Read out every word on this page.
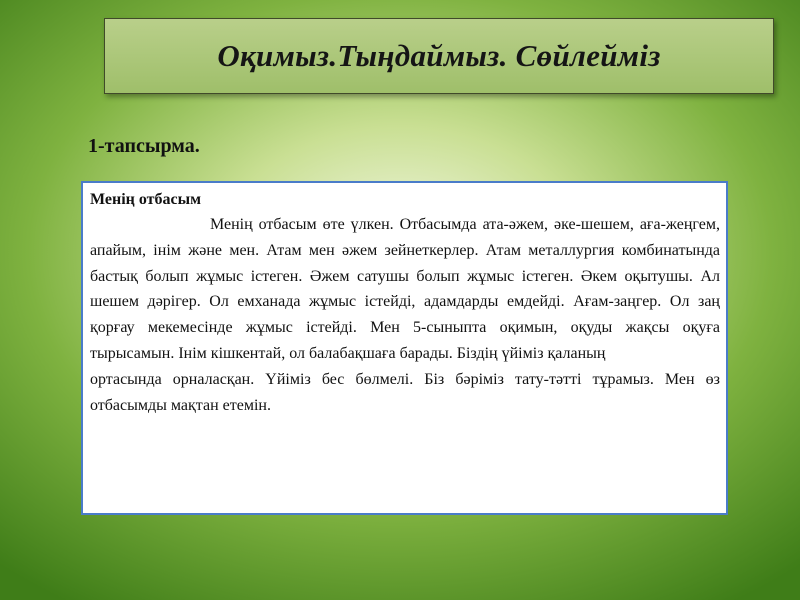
Оқимыз.Тыңдаймыз. Сөйлейміз
1-тапсырма.
Менің отбасым

Менің отбасым өте үлкен. Отбасымда ата-әжем, әке-шешем, аға-жеңгем, апайым, інім және мен. Атам мен әжем зейнеткерлер. Атам металлургия комбинатында бастық болып жұмыс істеген. Әжем сатушы болып жұмыс істеген. Әкем оқытушы. Ал шешем дәрігер. Ол емханада жұмыс істейді, адамдарды емдейді. Ағам-заңгер. Ол заң қорғау мекемесінде жұмыс істейді. Мен 5-сыныпта оқимын, оқуды жақсы оқуға тырысамын. Інім кішкентай, ол балабақшаға барады. Біздің үйіміз қаланың

ортасында орналасқан. Үйіміз бес бөлмелі. Біз бәріміз тату-тәтті тұрамыз. Мен өз отбасымды мақтан етемін.
